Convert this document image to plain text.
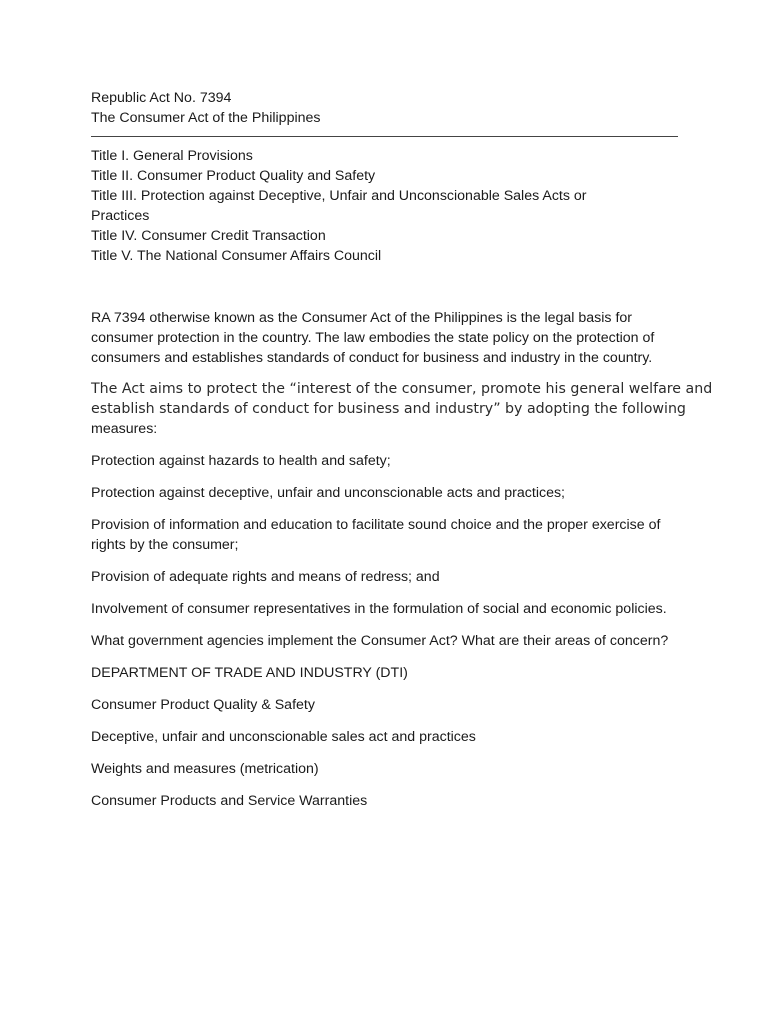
Republic Act No. 7394

The Consumer Act of the Philippines

Title I. General Provisions

Title II. Consumer Product Quality and Safety

Title III. Protection against Deceptive, Unfair and Unconscionable Sales Acts or

Practices

Title IV. Consumer Credit Transaction

Title V. The National Consumer Affairs Council

RA 7394 otherwise known as the Consumer Act of the Philippines is the legal basis for consumer protection in the country. The law embodies the state policy on the protection of consumers and establishes standards of conduct for business and industry in the country.

The Act aims to protect the “interest of the consumer, promote his general welfare and
establish standards of conduct for business and industry” by adopting the following
measures:

Protection against hazards to health and safety;

Protection against deceptive, unfair and unconscionable acts and practices;

Provision of information and education to facilitate sound choice and the proper exercise of rights by the consumer;

Provision of adequate rights and means of redress; and

Involvement of consumer representatives in the formulation of social and economic policies.

What government agencies implement the Consumer Act? What are their areas of concern?

DEPARTMENT OF TRADE AND INDUSTRY (DTI)

Consumer Product Quality & Safety

Deceptive, unfair and unconscionable sales act and practices

Weights and measures (metrication)

Consumer Products and Service Warranties
